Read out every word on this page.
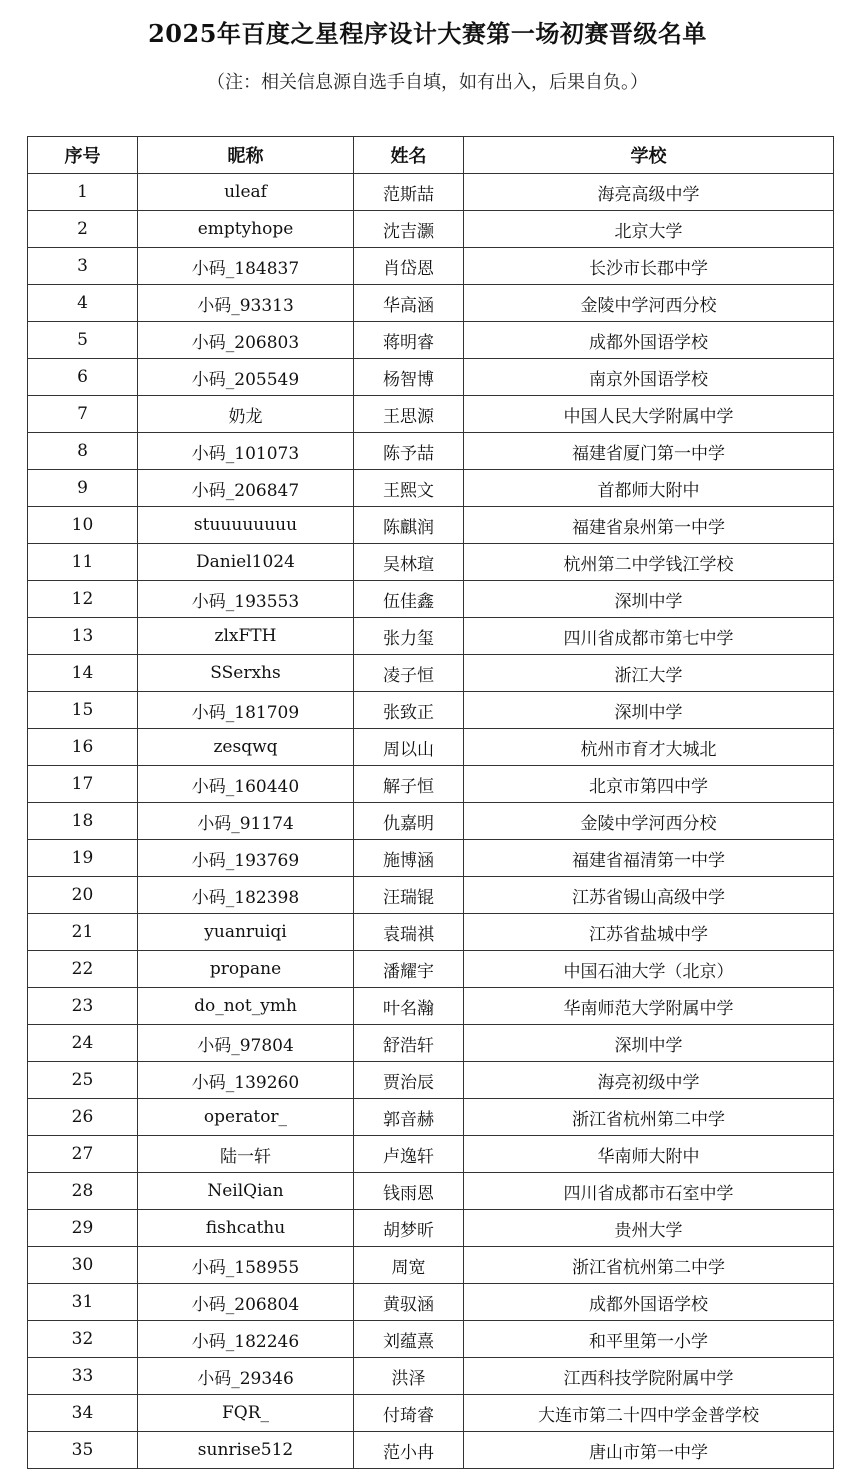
2025年百度之星程序设计大赛第一场初赛晋级名单
（注：相关信息源自选手自填，如有出入，后果自负。）
序号	昵称	姓名	学校
1	uleaf	范斯喆	海亮高级中学
2	emptyhope	沈吉灏	北京大学
3	小码_184837	肖岱恩	长沙市长郡中学
4	小码_93313	华高涵	金陵中学河西分校
5	小码_206803	蒋明睿	成都外国语学校
6	小码_205549	杨智博	南京外国语学校
7	奶龙	王思源	中国人民大学附属中学
8	小码_101073	陈予喆	福建省厦门第一中学
9	小码_206847	王熙文	首都师大附中
10	stuuuuuuuu	陈麒润	福建省泉州第一中学
11	Daniel1024	吴林瑄	杭州第二中学钱江学校
12	小码_193553	伍佳鑫	深圳中学
13	zlxFTH	张力玺	四川省成都市第七中学
14	SSerxhs	凌子恒	浙江大学
15	小码_181709	张致正	深圳中学
16	zesqwq	周以山	杭州市育才大城北
17	小码_160440	解子恒	北京市第四中学
18	小码_91174	仇嘉明	金陵中学河西分校
19	小码_193769	施博涵	福建省福清第一中学
20	小码_182398	汪瑞锟	江苏省锡山高级中学
21	yuanruiqi	袁瑞祺	江苏省盐城中学
22	propane	潘耀宇	中国石油大学（北京）
23	do_not_ymh	叶名瀚	华南师范大学附属中学
24	小码_97804	舒浩轩	深圳中学
25	小码_139260	贾治辰	海亮初级中学
26	operator_	郭音赫	浙江省杭州第二中学
27	陆一轩	卢逸轩	华南师大附中
28	NeilQian	钱雨恩	四川省成都市石室中学
29	fishcathu	胡梦昕	贵州大学
30	小码_158955	周宽	浙江省杭州第二中学
31	小码_206804	黄驭涵	成都外国语学校
32	小码_182246	刘蕴熹	和平里第一小学
33	小码_29346	洪泽	江西科技学院附属中学
34	FQR_	付琦睿	大连市第二十四中学金普学校
35	sunrise512	范小冉	唐山市第一中学
